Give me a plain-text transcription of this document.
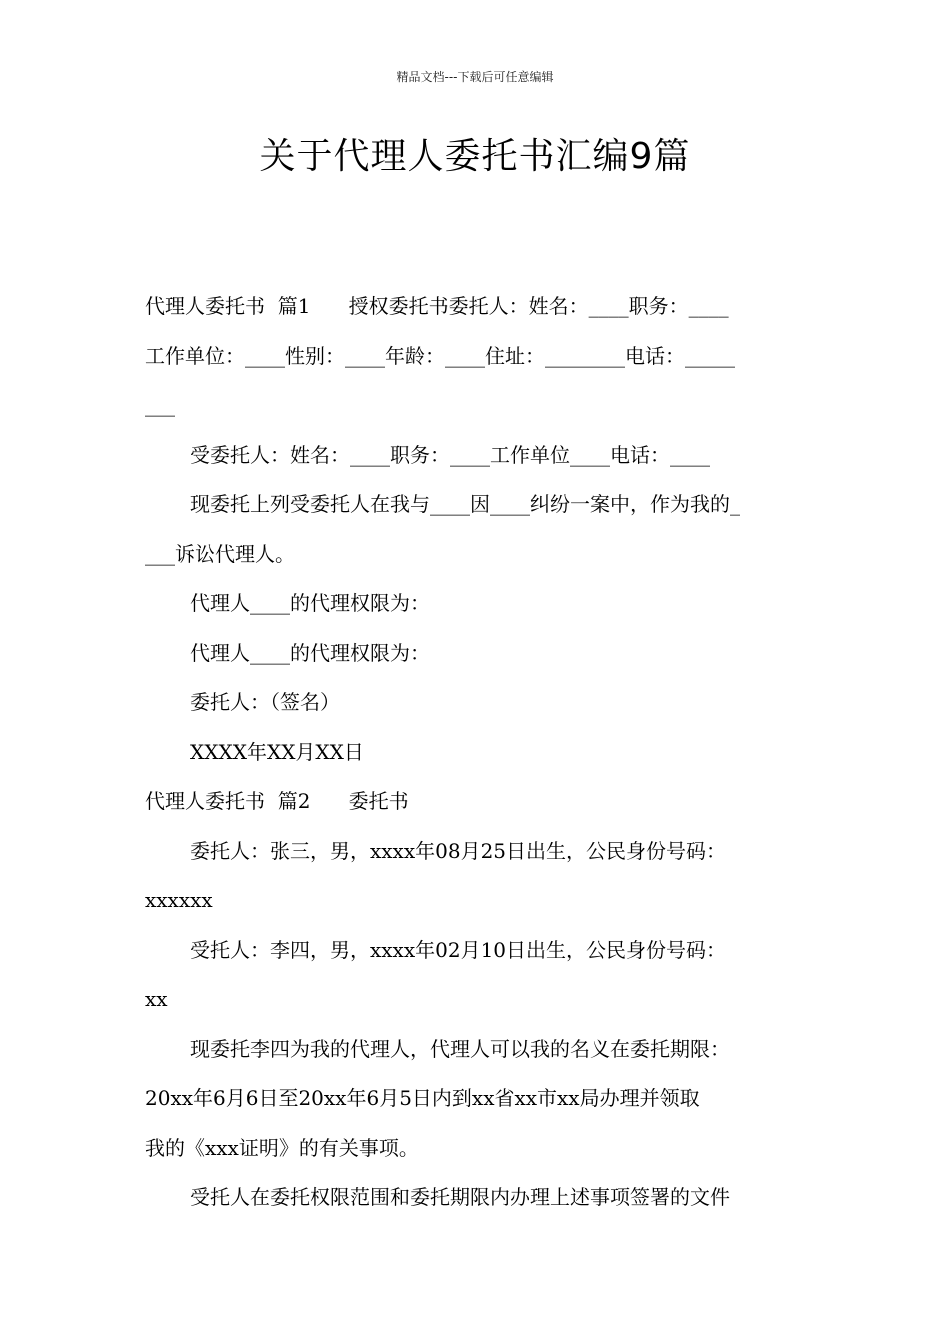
精品文档---下载后可任意编辑
关于代理人委托书汇编9篇
代理人委托书  篇1      授权委托书委托人：姓名：____职务：____
工作单位：____性别：____年龄：____住址：________电话：_____
___
受委托人：姓名：____职务：____工作单位____电话：____
现委托上列受委托人在我与____因____纠纷一案中，作为我的_
___诉讼代理人。
代理人____的代理权限为：
代理人____的代理权限为：
委托人：（签名）
XXXX年XX月XX日
代理人委托书  篇2      委托书
委托人：张三，男，xxxx年08月25日出生，公民身份号码：
xxxxxx
受托人：李四，男，xxxx年02月10日出生，公民身份号码：
xx
现委托李四为我的代理人，代理人可以我的名义在委托期限：
20xx年6月6日至20xx年6月5日内到xx省xx市xx局办理并领取
我的《xxx证明》的有关事项。
受托人在委托权限范围和委托期限内办理上述事项签署的文件
